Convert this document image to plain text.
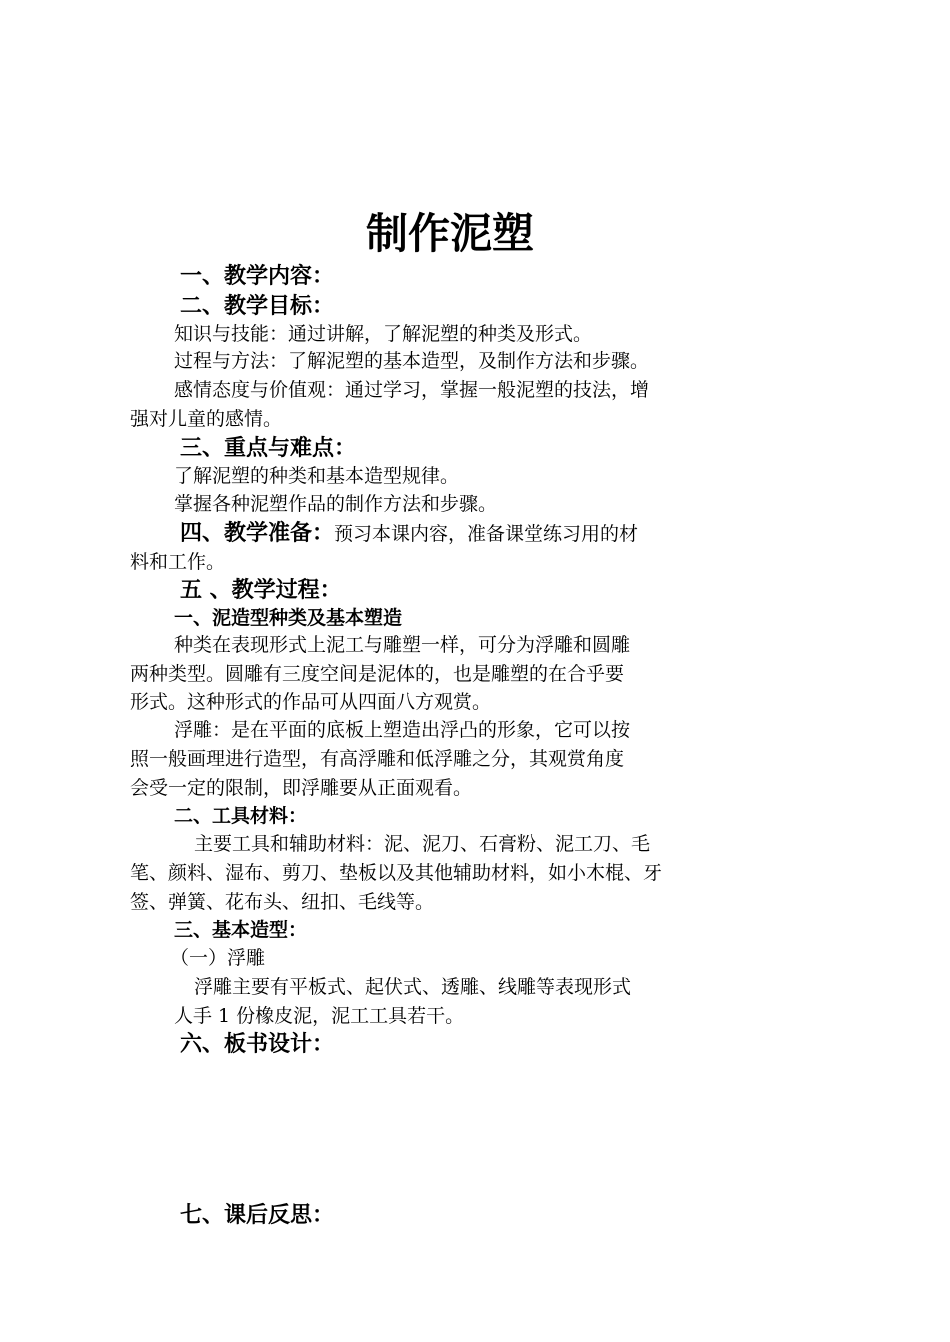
制作泥塑
一、教学内容：
二、教学目标：
知识与技能：通过讲解，了解泥塑的种类及形式。
过程与方法：了解泥塑的基本造型，及制作方法和步骤。
感情态度与价值观：通过学习，掌握一般泥塑的技法，增
强对儿童的感情。
三、重点与难点：
了解泥塑的种类和基本造型规律。
掌握各种泥塑作品的制作方法和步骤。
四、教学准备：预习本课内容，准备课堂练习用的材
料和工作。
五 、教学过程：
一、泥造型种类及基本塑造
种类在表现形式上泥工与雕塑一样，可分为浮雕和圆雕
两种类型。圆雕有三度空间是泥体的，也是雕塑的在合乎要
形式。这种形式的作品可从四面八方观赏。
浮雕：是在平面的底板上塑造出浮凸的形象，它可以按
照一般画理进行造型，有高浮雕和低浮雕之分，其观赏角度
会受一定的限制，即浮雕要从正面观看。
二、工具材料：
主要工具和辅助材料：泥、泥刀、石膏粉、泥工刀、毛
笔、颜料、湿布、剪刀、垫板以及其他辅助材料，如小木棍、牙
签、弹簧、花布头、纽扣、毛线等。
三、基本造型：
（一）浮雕
浮雕主要有平板式、起伏式、透雕、线雕等表现形式
人手 1 份橡皮泥，泥工工具若干。
六、板书设计：
七、课后反思：
